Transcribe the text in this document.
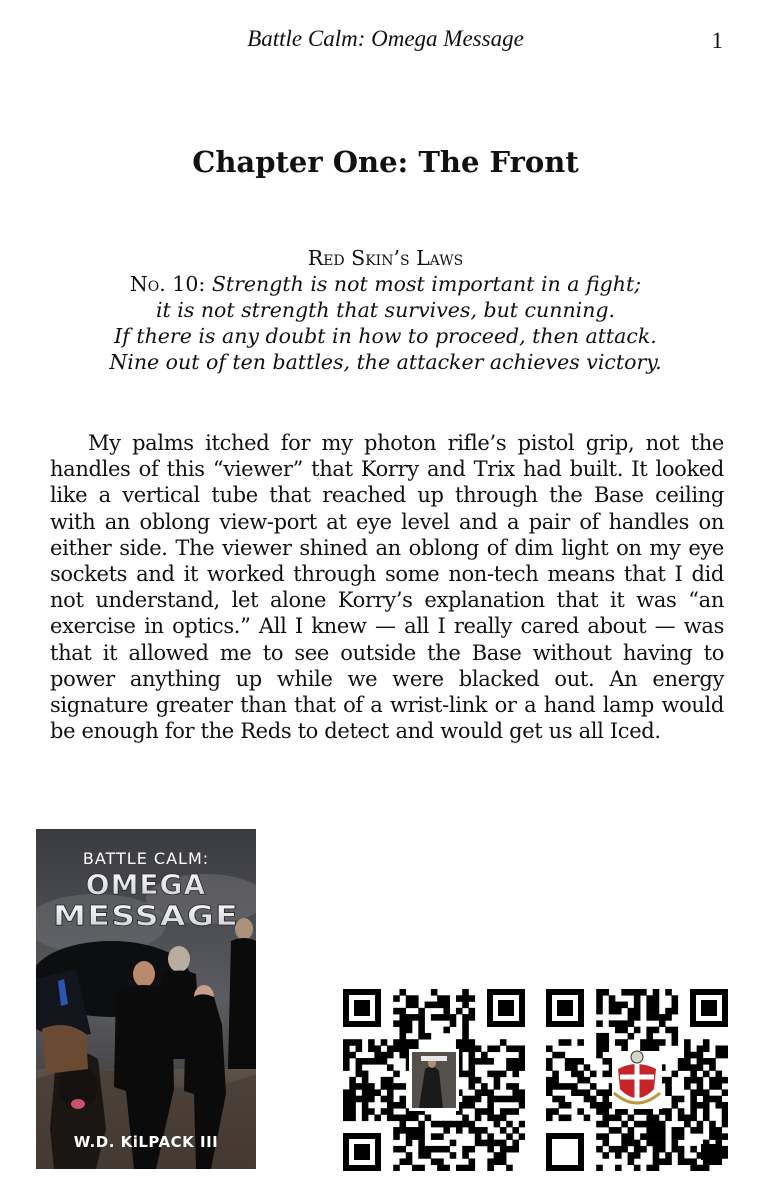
Battle Calm: Omega Message	1
Chapter One: The Front
Red Skin’s Laws
No. 10: Strength is not most important in a fight;
it is not strength that survives, but cunning.
If there is any doubt in how to proceed, then attack.
Nine out of ten battles, the attacker achieves victory.

My palms itched for my photon rifle’s pistol grip, not the handles of this “viewer” that Korry and Trix had built. It looked like a vertical tube that reached up through the Base ceiling with an oblong view-port at eye level and a pair of handles on either side. The viewer shined an oblong of dim light on my eye sockets and it worked through some non-tech means that I did not understand, let alone Korry’s explanation that it was “an exercise in optics.” All I knew — all I really cared about — was that it allowed me to see outside the Base without having to power anything up while we were blacked out. An energy signature greater than that of a wrist-link or a hand lamp would be enough for the Reds to detect and would get us all Iced.

BATTLE CALM:
OMEGA
MESSAGE
W.D. KiLPACK III
